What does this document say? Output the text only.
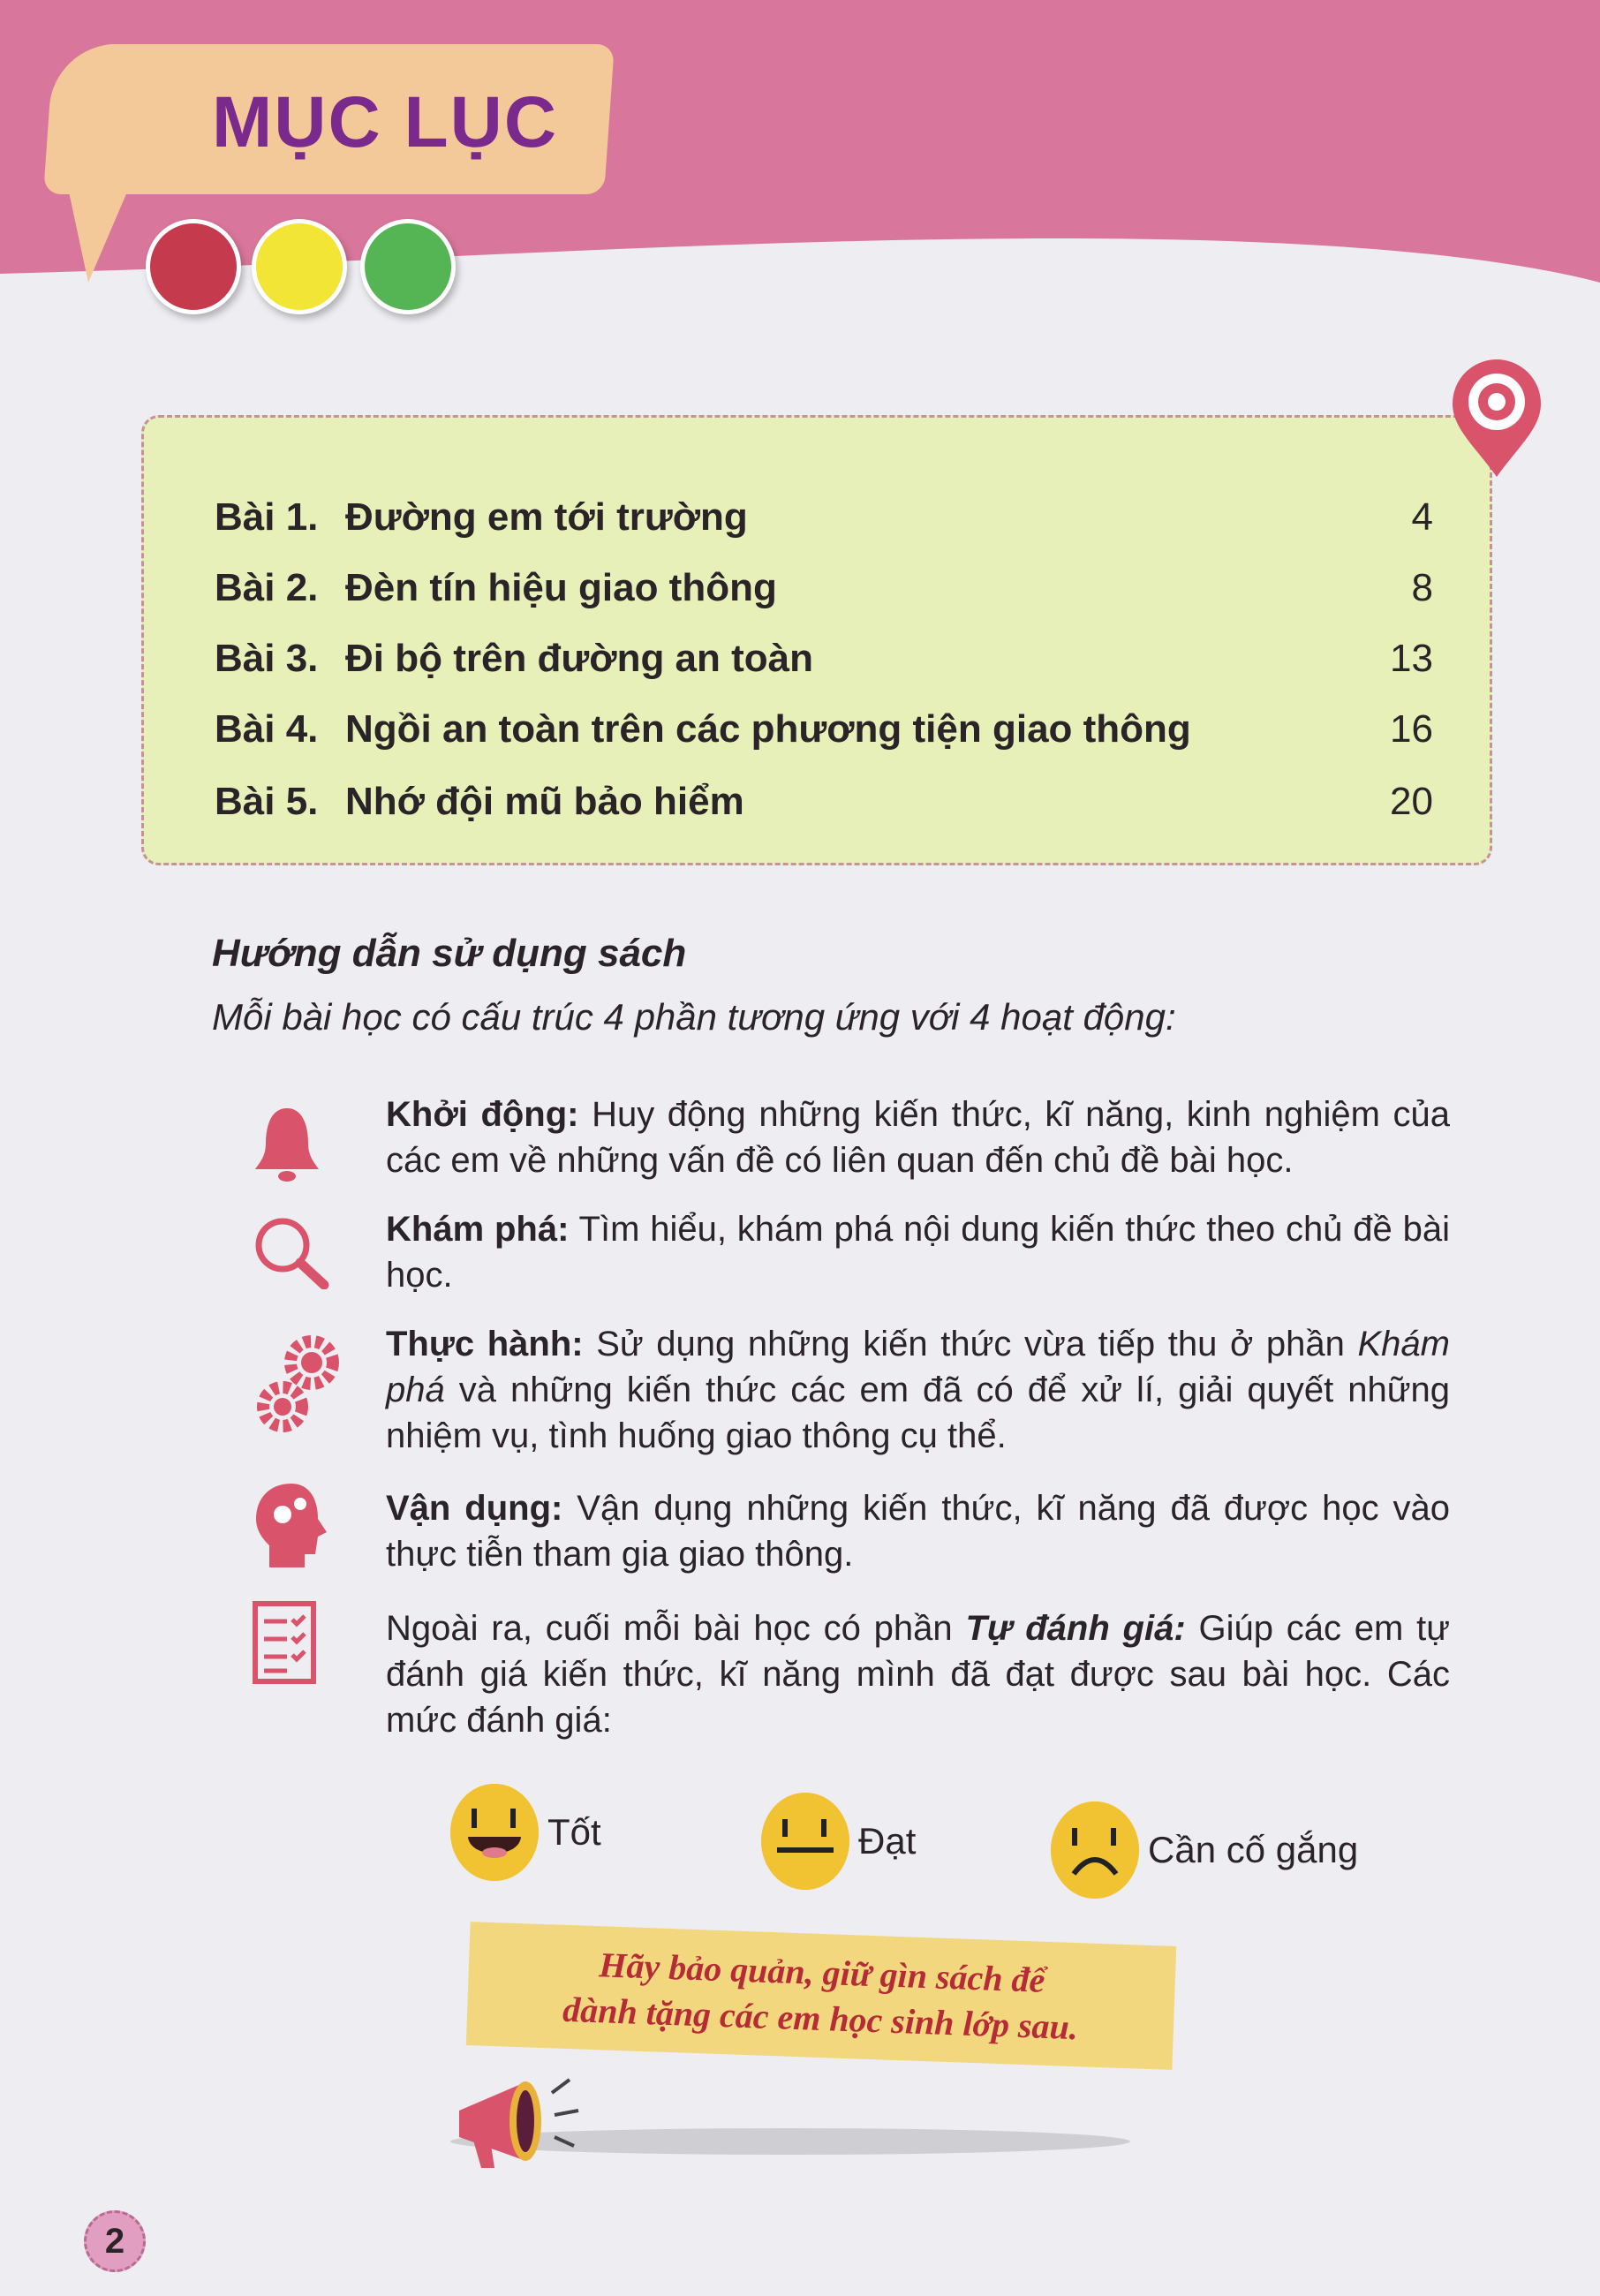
MỤC LỤC
Bài 1. Đường em tới trường	4
Bài 2. Đèn tín hiệu giao thông	8
Bài 3. Đi bộ trên đường an toàn	13
Bài 4. Ngồi an toàn trên các phương tiện giao thông	16
Bài 5. Nhớ đội mũ bảo hiểm	20
Hướng dẫn sử dụng sách
Mỗi bài học có cấu trúc 4 phần tương ứng với 4 hoạt động:
Khởi động: Huy động những kiến thức, kĩ năng, kinh nghiệm của các em về những vấn đề có liên quan đến chủ đề bài học.
Khám phá: Tìm hiểu, khám phá nội dung kiến thức theo chủ đề bài học.
Thực hành: Sử dụng những kiến thức vừa tiếp thu ở phần Khám phá và những kiến thức các em đã có để xử lí, giải quyết những nhiệm vụ, tình huống giao thông cụ thể.
Vận dụng: Vận dụng những kiến thức, kĩ năng đã được học vào thực tiễn tham gia giao thông.
Ngoài ra, cuối mỗi bài học có phần Tự đánh giá: Giúp các em tự đánh giá kiến thức, kĩ năng mình đã đạt được sau bài học. Các mức đánh giá:
Tốt	Đạt	Cần cố gắng
Hãy bảo quản, giữ gìn sách để
dành tặng các em học sinh lớp sau.
2
